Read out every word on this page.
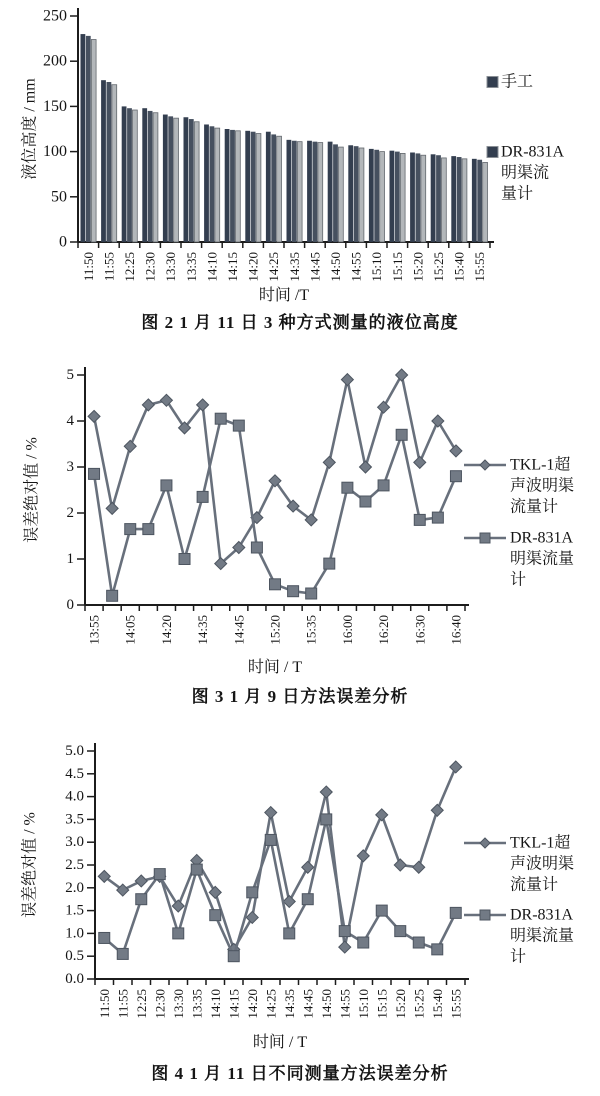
0
50
100
150
200
250
11:50 11:55 12:25 12:30 13:30 13:35 14:10 14:15 14:20 14:25 14:35 14:45 14:50 14:55 15:10 15:15 15:20 15:25 15:40 15:55
时间 /T
液位高度 / mm	手工
DR-831A
明渠流
量计
图 2 1 月 11 日 3 种方式测量的液位高度
0
1
2
3
4
5
13:55 14:05 14:20 14:35 14:45 15:20 15:35 16:00 16:20 16:30 16:40
时间 / T
误差绝对值 / %	TKL-1超
声波明渠
流量计
DR-831A
明渠流量
计
图 3 1 月 9 日方法误差分析
0.0
0.5
1.0
1.5
2.0
2.5
3.0
3.5
4.0
4.5
5.0
11:50 11:55 12:25 12:30 13:30 13:35 14:10 14:15 14:20 14:25 14:35 14:45 14:50 14:55 15:10 15:15 15:20 15:25 15:40 15:55
时间 / T
误差绝对值 / %	TKL-1超
声波明渠
流量计
DR-831A
明渠流量
计
图 4 1 月 11 日不同测量方法误差分析
